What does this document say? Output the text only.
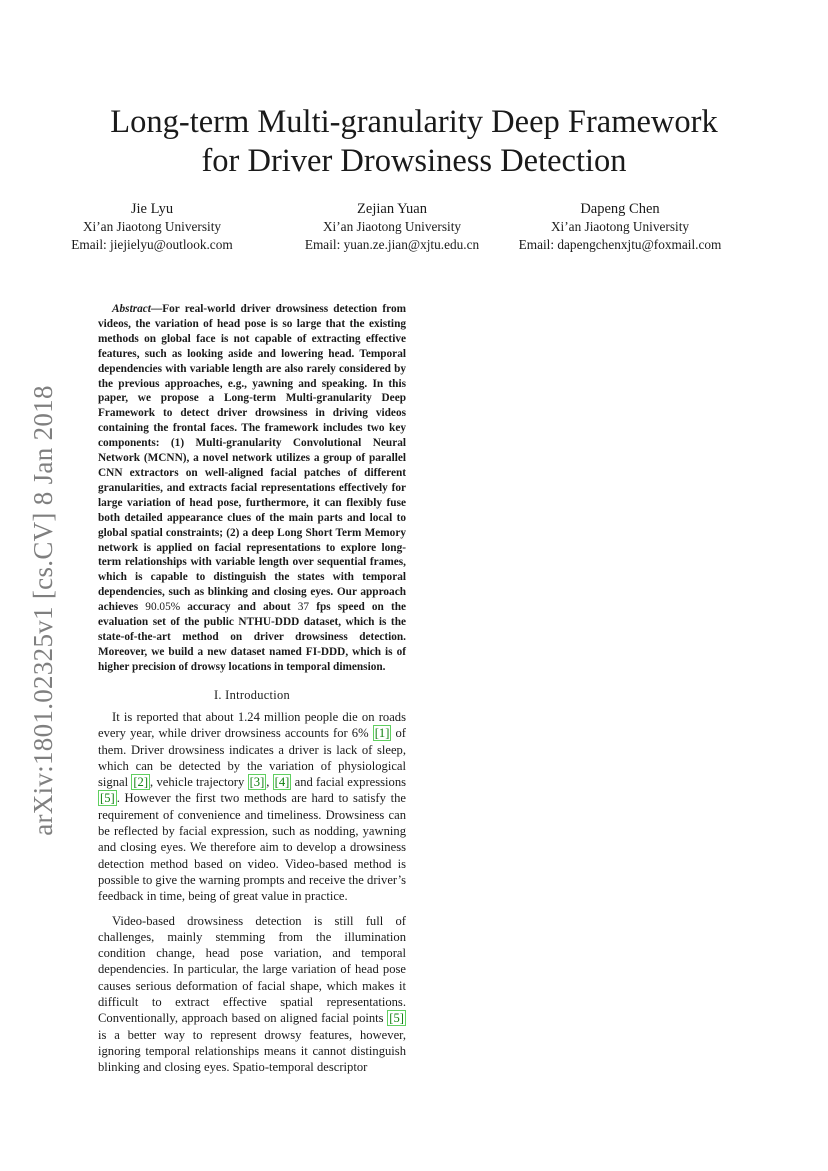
arXiv:1801.02325v1 [cs.CV] 8 Jan 2018
Long-term Multi-granularity Deep Framework
for Driver Drowsiness Detection
Jie Lyu
Xi’an Jiaotong University
Email: jiejielyu@outlook.com
Zejian Yuan
Xi’an Jiaotong University
Email: yuan.ze.jian@xjtu.edu.cn
Dapeng Chen
Xi’an Jiaotong University
Email: dapengchenxjtu@foxmail.com

Abstract—For real-world driver drowsiness detection from videos, the variation of head pose is so large that the existing methods on global face is not capable of extracting effective features, such as looking aside and lowering head. Temporal dependencies with variable length are also rarely considered by the previous approaches, e.g., yawning and speaking. In this paper, we propose a Long-term Multi-granularity Deep Framework to detect driver drowsiness in driving videos containing the frontal faces. The framework includes two key components: (1) Multi-granularity Convolutional Neural Network (MCNN), a novel network utilizes a group of parallel CNN extractors on well-aligned facial patches of different granularities, and extracts facial representations effectively for large variation of head pose, furthermore, it can flexibly fuse both detailed appearance clues of the main parts and local to global spatial constraints; (2) a deep Long Short Term Memory network is applied on facial representations to explore long-term relationships with variable length over sequential frames, which is capable to distinguish the states with temporal dependencies, such as blinking and closing eyes. Our approach achieves 90.05% accuracy and about 37 fps speed on the evaluation set of the public NTHU-DDD dataset, which is the state-of-the-art method on driver drowsiness detection. Moreover, we build a new dataset named FI-DDD, which is of higher precision of drowsy locations in temporal dimension.

I. Introduction

It is reported that about 1.24 million people die on roads every year, while driver drowsiness accounts for 6% [1] of them. Driver drowsiness indicates a driver is lack of sleep, which can be detected by the variation of physiological signal [2] , vehicle trajectory [3] , [4] and facial expressions [5] . However the first two methods are hard to satisfy the requirement of convenience and timeliness. Drowsiness can be reflected by facial expression, such as nodding, yawning and closing eyes. We therefore aim to develop a drowsiness detection method based on video. Video-based method is possible to give the warning prompts and receive the driver’s feedback in time, being of great value in practice.

Video-based drowsiness detection is still full of challenges, mainly stemming from the illumination condition change, head pose variation, and temporal dependencies. In particular, the large variation of head pose causes serious deformation of facial shape, which makes it difficult to extract effective spatial representations. Conventionally, approach based on aligned facial points [5] is a better way to represent drowsy features, however, ignoring temporal relationships means it cannot distinguish blinking and closing eyes. Spatio-temporal descriptor
